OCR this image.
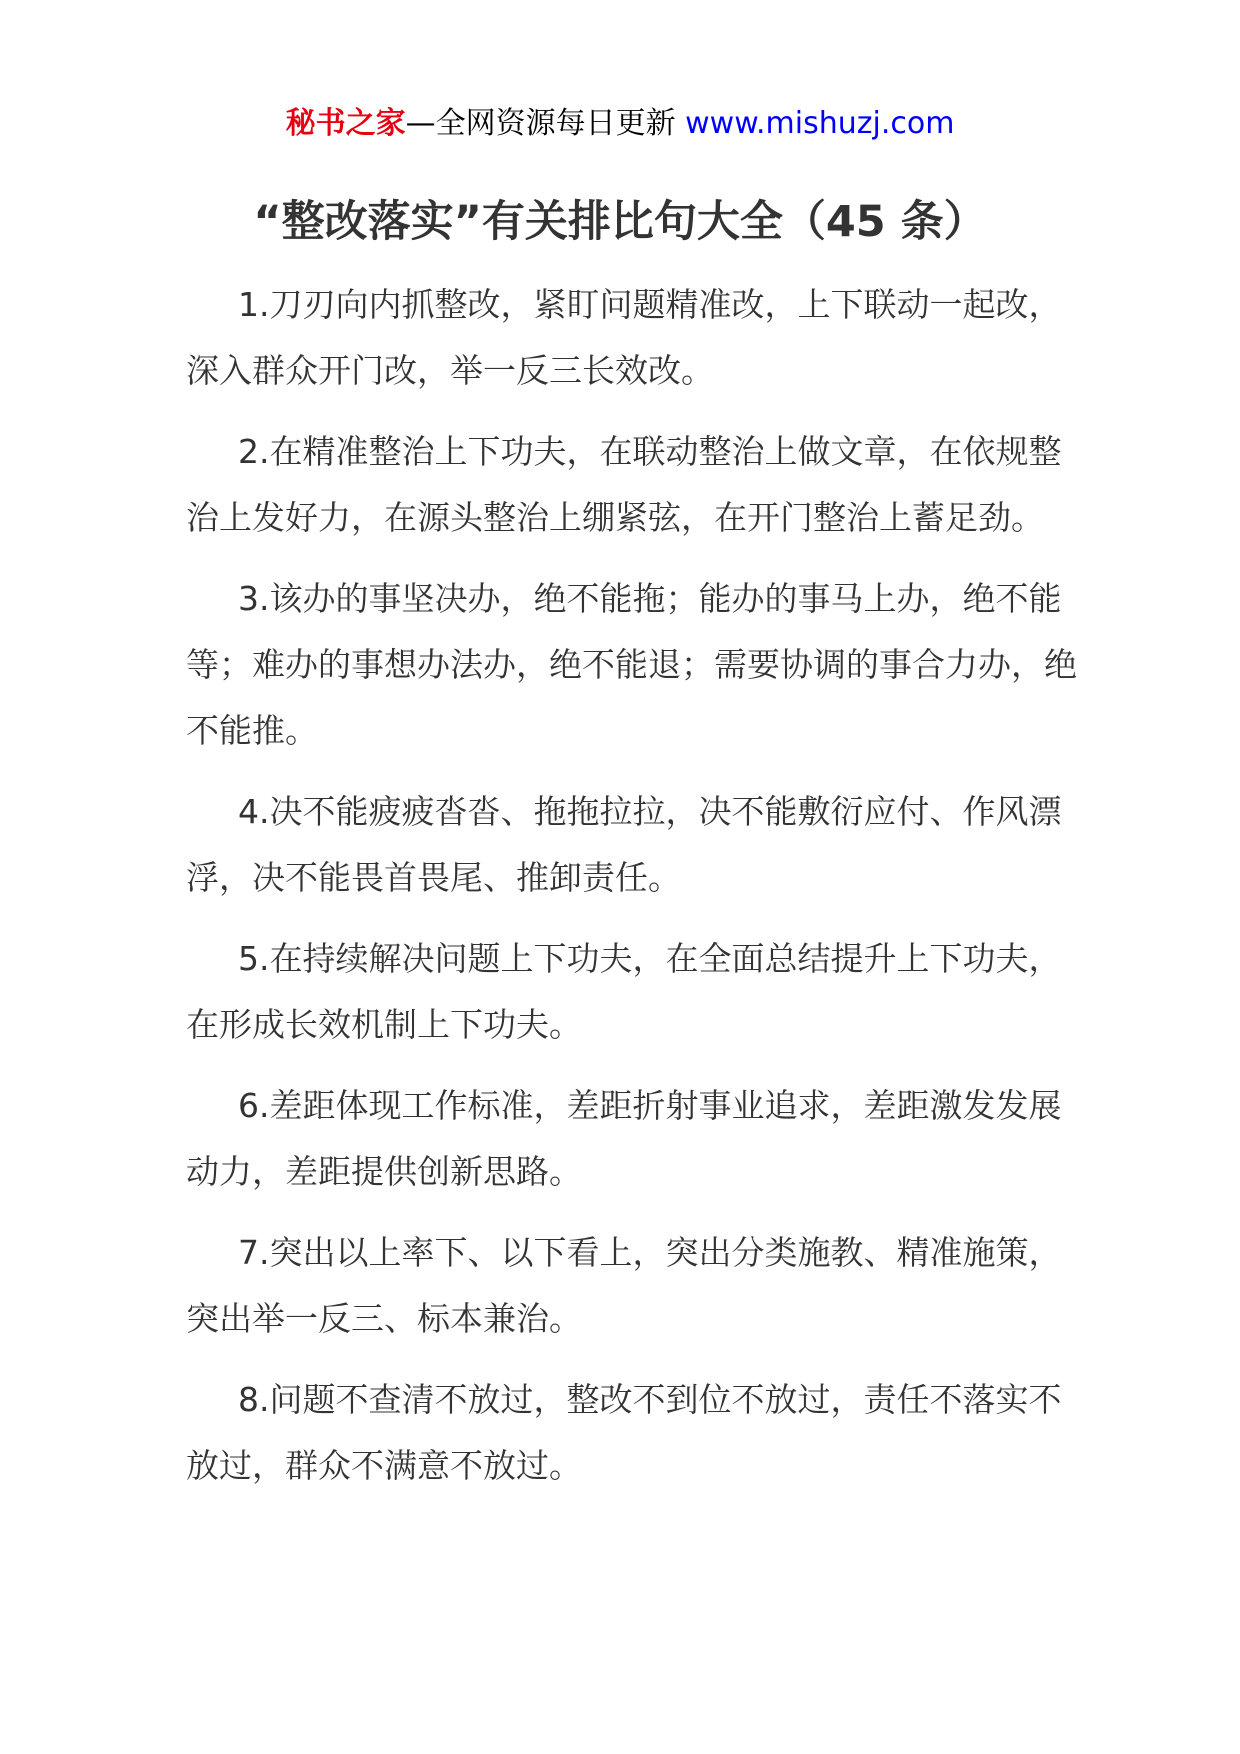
秘书之家—全网资源每日更新 www.mishuzj.com
“整改落实”有关排比句大全（45 条）

1.刀刃向内抓整改，紧盯问题精准改，上下联动一起改，深入群众开门改，举一反三长效改。

2.在精准整治上下功夫，在联动整治上做文章，在依规整治上发好力，在源头整治上绷紧弦，在开门整治上蓄足劲。

3.该办的事坚决办，绝不能拖；能办的事马上办，绝不能等；难办的事想办法办，绝不能退；需要协调的事合力办，绝不能推。

4.决不能疲疲沓沓、拖拖拉拉，决不能敷衍应付、作风漂浮，决不能畏首畏尾、推卸责任。

5.在持续解决问题上下功夫，在全面总结提升上下功夫，在形成长效机制上下功夫。

6.差距体现工作标准，差距折射事业追求，差距激发发展动力，差距提供创新思路。

7.突出以上率下、以下看上，突出分类施教、精准施策，突出举一反三、标本兼治。

8.问题不查清不放过，整改不到位不放过，责任不落实不放过，群众不满意不放过。
